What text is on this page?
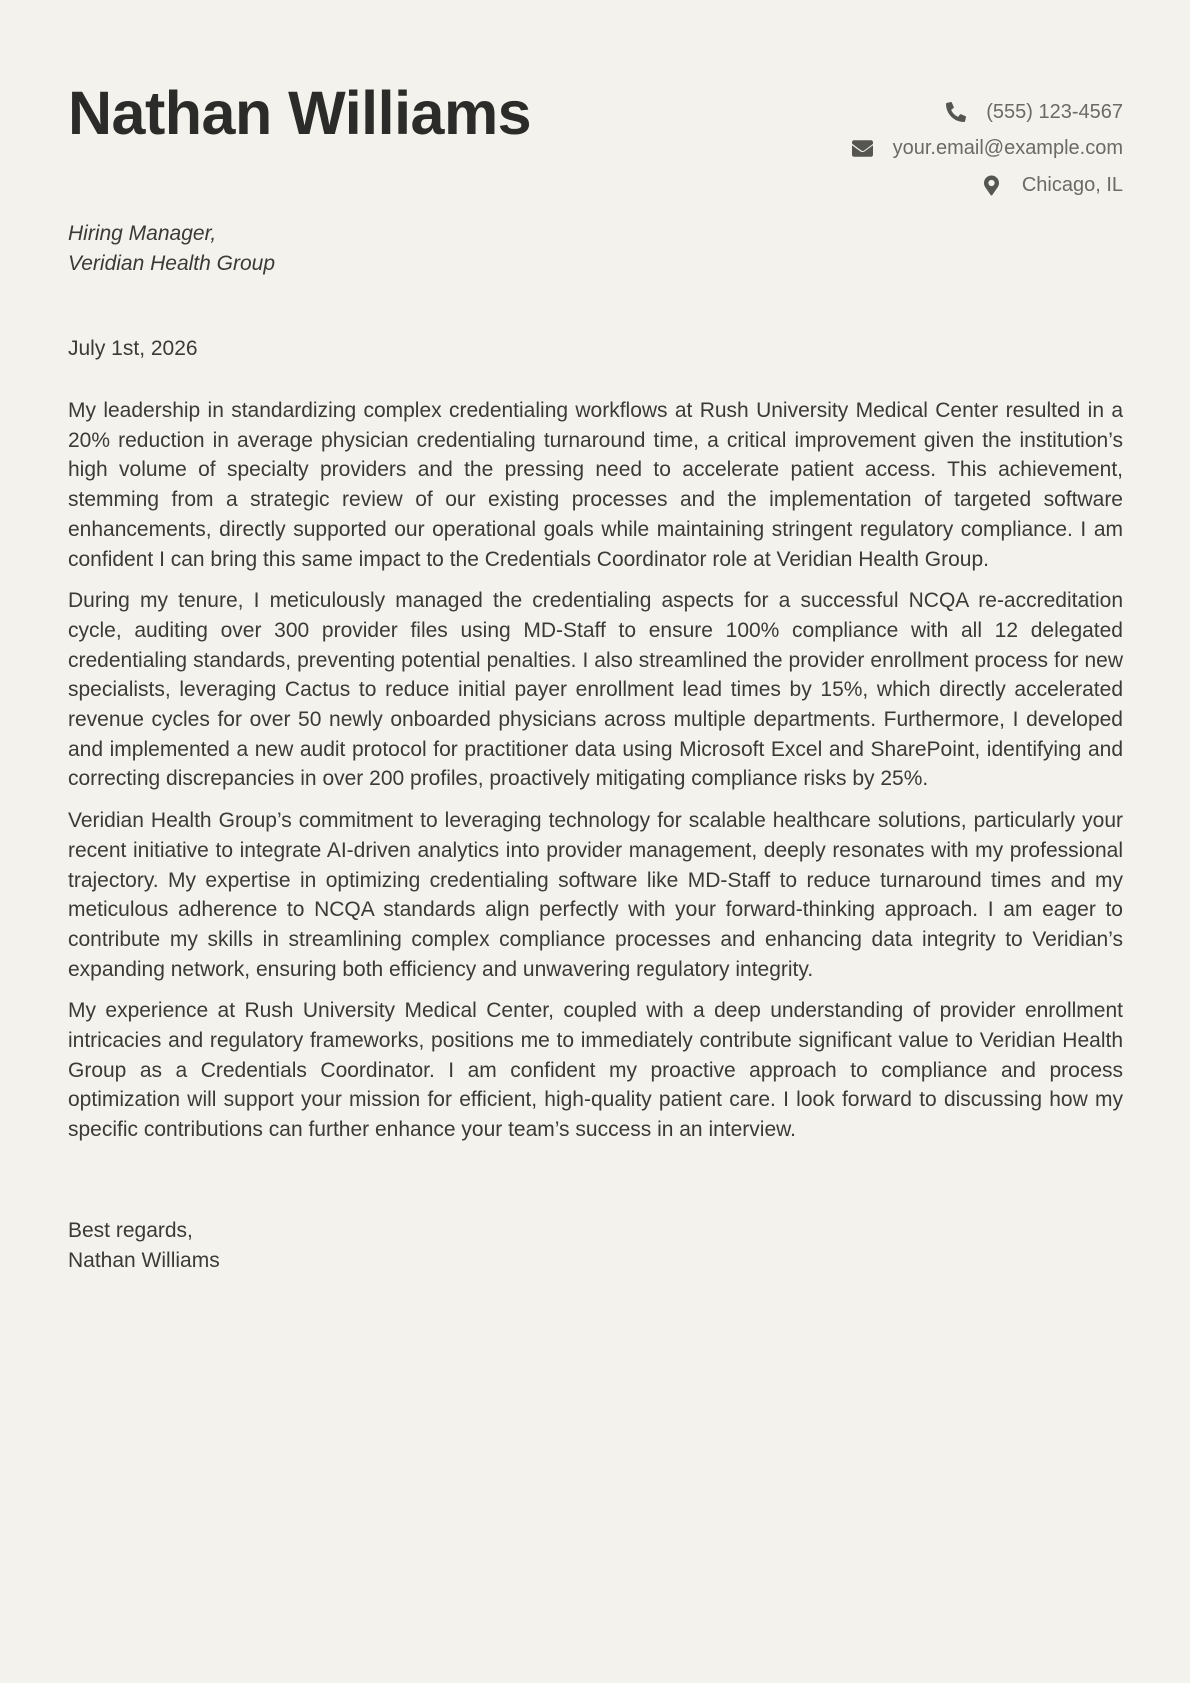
Nathan Williams	(555) 123-4567
your.email@example.com
Chicago, IL
Hiring Manager,
Veridian Health Group
July 1st, 2026

My leadership in standardizing complex credentialing workflows at Rush University Medical Center resulted in a 20% reduction in average physician credentialing turnaround time, a critical improvement given the institution’s high volume of specialty providers and the pressing need to accelerate patient access. This achievement, stemming from a strategic review of our existing processes and the implementation of targeted software enhancements, directly supported our operational goals while maintaining stringent regulatory compliance. I am confident I can bring this same impact to the Credentials Coordinator role at Veridian Health Group.

During my tenure, I meticulously managed the credentialing aspects for a successful NCQA re-accreditation cycle, auditing over 300 provider files using MD-Staff to ensure 100% compliance with all 12 delegated credentialing standards, preventing potential penalties. I also streamlined the provider enrollment process for new specialists, leveraging Cactus to reduce initial payer enrollment lead times by 15%, which directly accelerated revenue cycles for over 50 newly onboarded physicians across multiple departments. Furthermore, I developed and implemented a new audit protocol for practitioner data using Microsoft Excel and SharePoint, identifying and correcting discrepancies in over 200 profiles, proactively mitigating compliance risks by 25%.

Veridian Health Group’s commitment to leveraging technology for scalable healthcare solutions, particularly your recent initiative to integrate AI-driven analytics into provider management, deeply resonates with my professional trajectory. My expertise in optimizing credentialing software like MD-Staff to reduce turnaround times and my meticulous adherence to NCQA standards align perfectly with your forward-thinking approach. I am eager to contribute my skills in streamlining complex compliance processes and enhancing data integrity to Veridian’s expanding network, ensuring both efficiency and unwavering regulatory integrity.

My experience at Rush University Medical Center, coupled with a deep understanding of provider enrollment intricacies and regulatory frameworks, positions me to immediately contribute significant value to Veridian Health Group as a Credentials Coordinator. I am confident my proactive approach to compliance and process optimization will support your mission for efficient, high-quality patient care. I look forward to discussing how my specific contributions can further enhance your team’s success in an interview.

Best regards,
Nathan Williams
